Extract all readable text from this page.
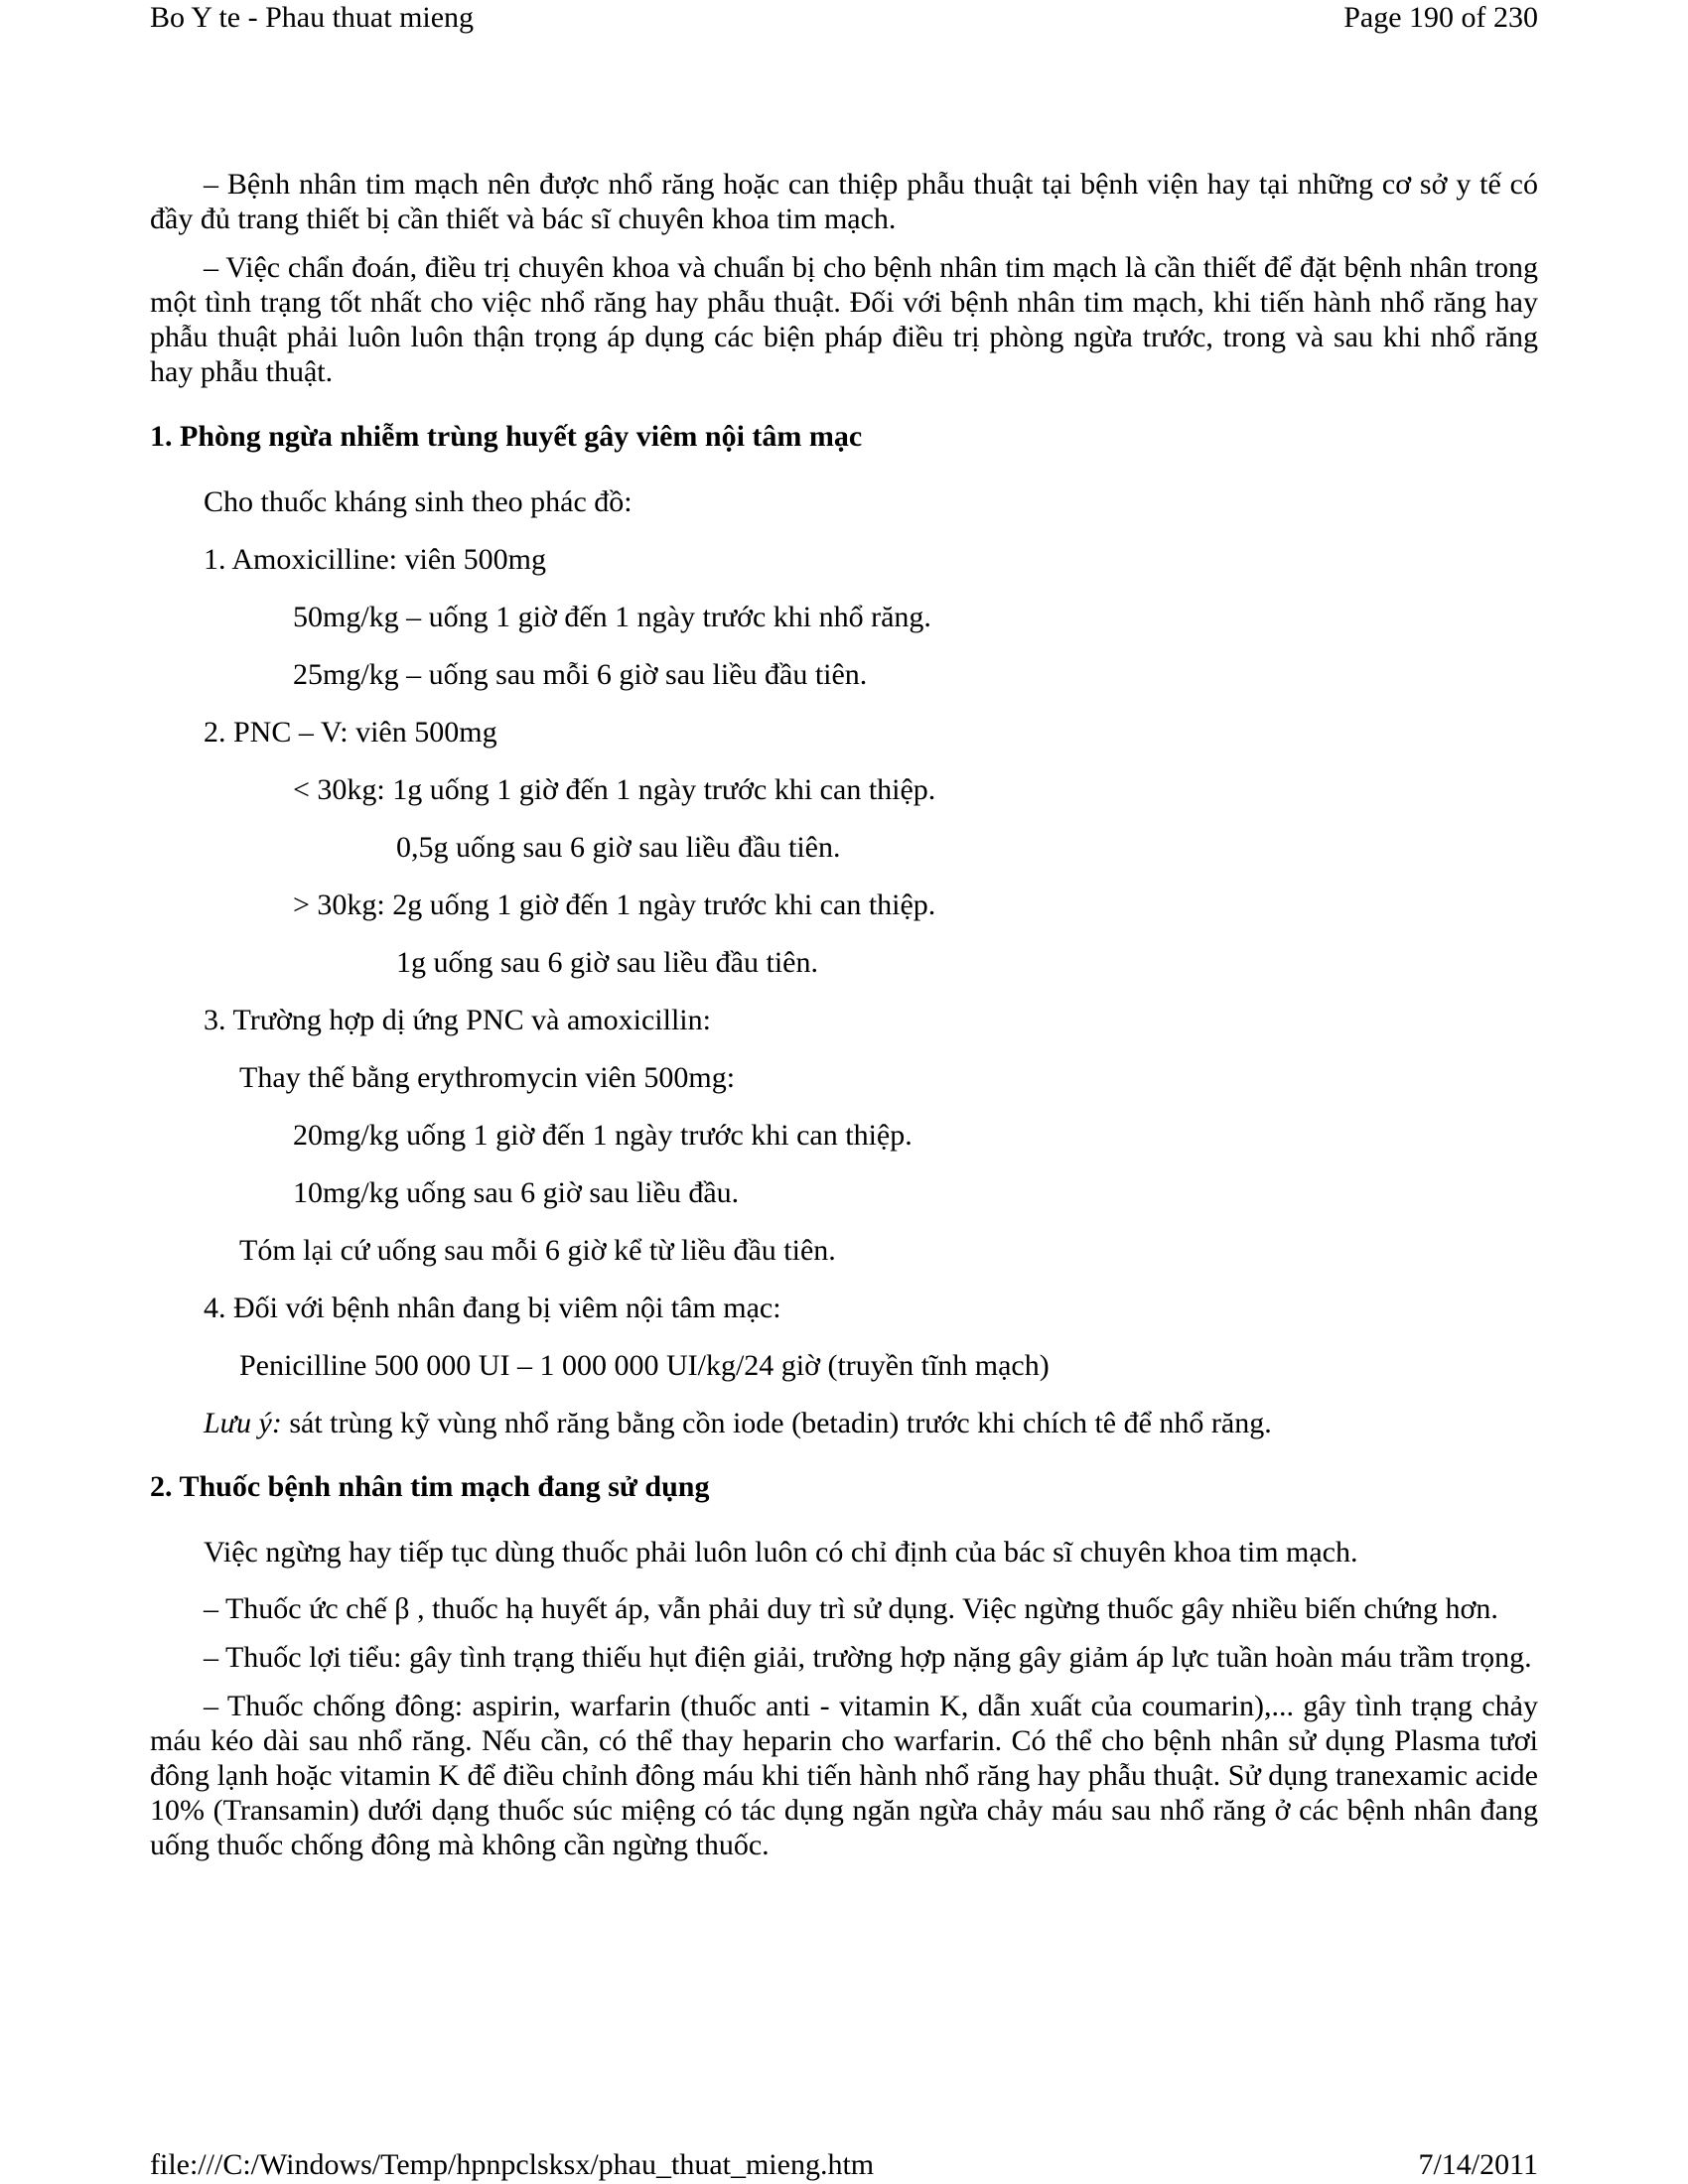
Bo Y te - Phau thuat mieng	Page 190 of 230

– Bệnh nhân tim mạch nên được nhổ răng hoặc can thiệp phẫu thuật tại bệnh viện hay tại những cơ sở y tế có đầy đủ trang thiết bị cần thiết và bác sĩ chuyên khoa tim mạch.

– Việc chẩn đoán, điều trị chuyên khoa và chuẩn bị cho bệnh nhân tim mạch là cần thiết để đặt bệnh nhân trong một tình trạng tốt nhất cho việc nhổ răng hay phẫu thuật. Đối với bệnh nhân tim mạch, khi tiến hành nhổ răng hay phẫu thuật phải luôn luôn thận trọng áp dụng các biện pháp điều trị phòng ngừa trước, trong và sau khi nhổ răng hay phẫu thuật.

1. Phòng ngừa nhiễm trùng huyết gây viêm nội tâm mạc
Cho thuốc kháng sinh theo phác đồ:
1. Amoxicilline: viên 500mg
50mg/kg – uống 1 giờ đến 1 ngày trước khi nhổ răng.
25mg/kg – uống sau mỗi 6 giờ sau liều đầu tiên.
2. PNC – V: viên 500mg
< 30kg: 1g uống 1 giờ đến 1 ngày trước khi can thiệp.
0,5g uống sau 6 giờ sau liều đầu tiên.
> 30kg: 2g uống 1 giờ đến 1 ngày trước khi can thiệp.
1g uống sau 6 giờ sau liều đầu tiên.
3. Trường hợp dị ứng PNC và amoxicillin:
Thay thế bằng erythromycin viên 500mg:
20mg/kg uống 1 giờ đến 1 ngày trước khi can thiệp.
10mg/kg uống sau 6 giờ sau liều đầu.
Tóm lại cứ uống sau mỗi 6 giờ kể từ liều đầu tiên.
4. Đối với bệnh nhân đang bị viêm nội tâm mạc:
Penicilline 500 000 UI – 1 000 000 UI/kg/24 giờ (truyền tĩnh mạch)
Lưu ý: sát trùng kỹ vùng nhổ răng bằng cồn iode (betadin) trước khi chích tê để nhổ răng.
2. Thuốc bệnh nhân tim mạch đang sử dụng

Việc ngừng hay tiếp tục dùng thuốc phải luôn luôn có chỉ định của bác sĩ chuyên khoa tim mạch.

– Thuốc ức chế β , thuốc hạ huyết áp, vẫn phải duy trì sử dụng. Việc ngừng thuốc gây nhiều biến chứng hơn.

– Thuốc lợi tiểu: gây tình trạng thiếu hụt điện giải, trường hợp nặng gây giảm áp lực tuần hoàn máu trầm trọng.

– Thuốc chống đông: aspirin, warfarin (thuốc anti - vitamin K, dẫn xuất của coumarin),... gây tình trạng chảy máu kéo dài sau nhổ răng. Nếu cần, có thể thay heparin cho warfarin. Có thể cho bệnh nhân sử dụng Plasma tươi đông lạnh hoặc vitamin K để điều chỉnh đông máu khi tiến hành nhổ răng hay phẫu thuật. Sử dụng tranexamic acide 10% (Transamin) dưới dạng thuốc súc miệng có tác dụng ngăn ngừa chảy máu sau nhổ răng ở các bệnh nhân đang uống thuốc chống đông mà không cần ngừng thuốc.

file:///C:/Windows/Temp/hpnpclsksx/phau_thuat_mieng.htm	7/14/2011
